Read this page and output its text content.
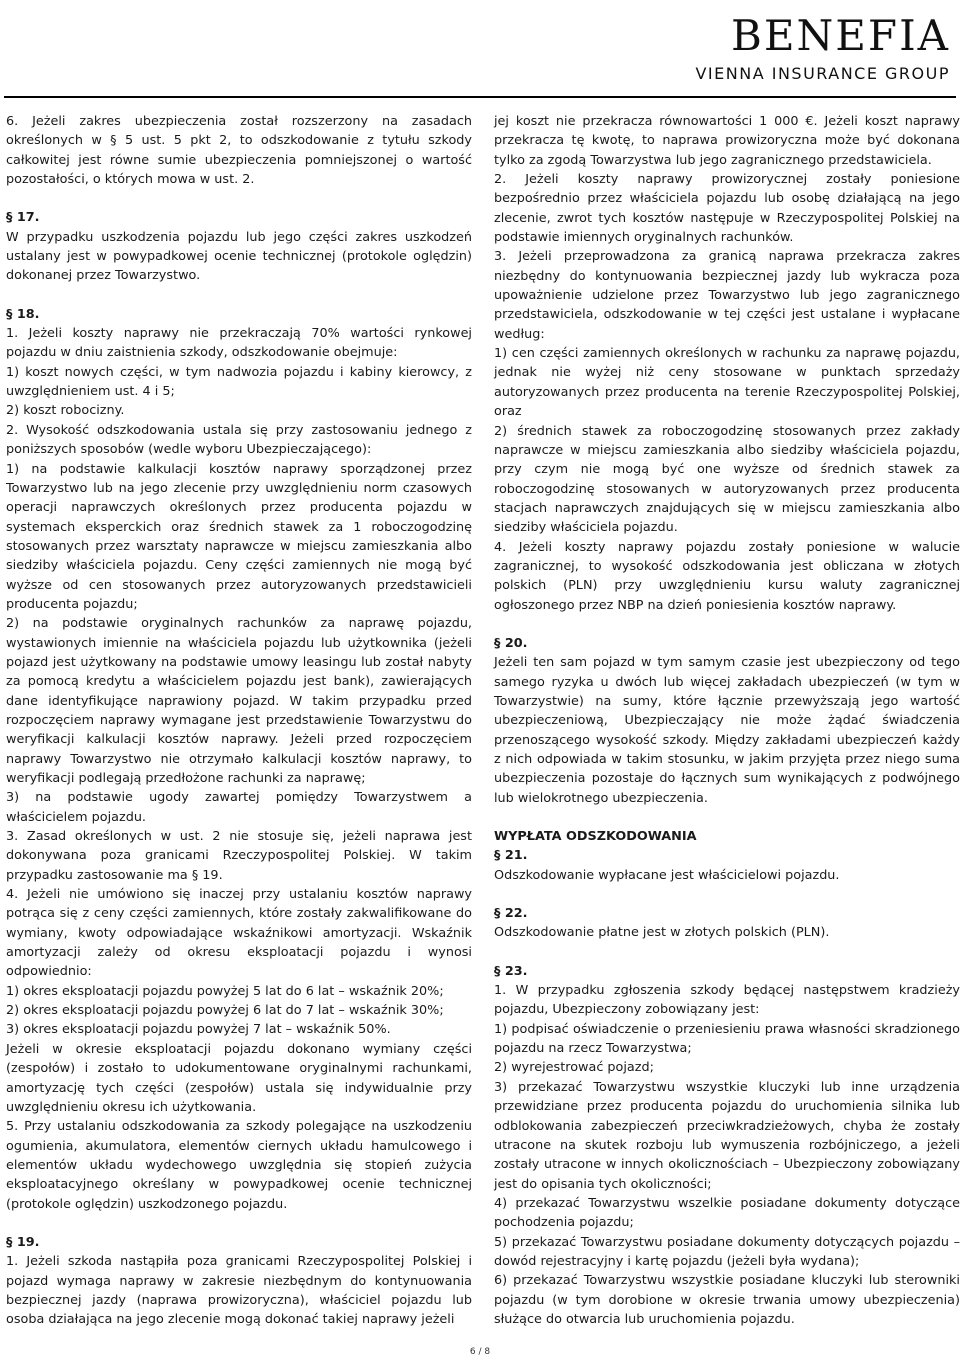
BENEFIA
VIENNA INSURANCE GROUP

6. Jeżeli zakres ubezpieczenia został rozszerzony na zasadach określonych w § 5 ust. 5 pkt 2, to odszkodowanie z tytułu szkody całkowitej jest równe sumie ubezpieczenia pomniejszonej o wartość pozostałości, o których mowa w ust. 2.

§ 17.

W przypadku uszkodzenia pojazdu lub jego części zakres uszkodzeń ustalany jest w powypadkowej ocenie technicznej (protokole oględzin) dokonanej przez Towarzystwo.

§ 18.

1. Jeżeli koszty naprawy nie przekraczają 70% wartości rynkowej pojazdu w dniu zaistnienia szkody, odszkodowanie obejmuje:

1) koszt nowych części, w tym nadwozia pojazdu i kabiny kierowcy, z uwzględnieniem ust. 4 i 5;

2) koszt robocizny.

2. Wysokość odszkodowania ustala się przy zastosowaniu jednego z poniższych sposobów (wedle wyboru Ubezpieczającego):

1) na podstawie kalkulacji kosztów naprawy sporządzonej przez Towarzystwo lub na jego zlecenie przy uwzględnieniu norm czasowych operacji naprawczych określonych przez producenta pojazdu w systemach eksperckich oraz średnich stawek za 1 roboczogodzinę stosowanych przez warsztaty naprawcze w miejscu zamieszkania albo siedziby właściciela pojazdu. Ceny części zamiennych nie mogą być wyższe od cen stosowanych przez autoryzowanych przedstawicieli producenta pojazdu;

2) na podstawie oryginalnych rachunków za naprawę pojazdu, wystawionych imiennie na właściciela pojazdu lub użytkownika (jeżeli pojazd jest użytkowany na podstawie umowy leasingu lub został nabyty za pomocą kredytu a właścicielem pojazdu jest bank), zawierających dane identyfikujące naprawiony pojazd. W takim przypadku przed rozpoczęciem naprawy wymagane jest przedstawienie Towarzystwu do weryfikacji kalkulacji kosztów naprawy. Jeżeli przed rozpoczęciem naprawy Towarzystwo nie otrzymało kalkulacji kosztów naprawy, to weryfikacji podlegają przedłożone rachunki za naprawę;

3) na podstawie ugody zawartej pomiędzy Towarzystwem a właścicielem pojazdu.

3. Zasad określonych w ust. 2 nie stosuje się, jeżeli naprawa jest dokonywana poza granicami Rzeczypospolitej Polskiej. W takim przypadku zastosowanie ma § 19.

4. Jeżeli nie umówiono się inaczej przy ustalaniu kosztów naprawy potrąca się z ceny części zamiennych, które zostały zakwalifikowane do wymiany, kwoty odpowiadające wskaźnikowi amortyzacji. Wskaźnik amortyzacji zależy od okresu eksploatacji pojazdu i wynosi odpowiednio:

1) okres eksploatacji pojazdu powyżej 5 lat do 6 lat – wskaźnik 20%;

2) okres eksploatacji pojazdu powyżej 6 lat do 7 lat – wskaźnik 30%;

3) okres eksploatacji pojazdu powyżej 7 lat – wskaźnik 50%.

Jeżeli w okresie eksploatacji pojazdu dokonano wymiany części (zespołów) i zostało to udokumentowane oryginalnymi rachunkami, amortyzację tych części (zespołów) ustala się indywidualnie przy uwzględnieniu okresu ich użytkowania.

5. Przy ustalaniu odszkodowania za szkody polegające na uszkodzeniu ogumienia, akumulatora, elementów ciernych układu hamulcowego i elementów układu wydechowego uwzględnia się stopień zużycia eksploatacyjnego określany w powypadkowej ocenie technicznej (protokole oględzin) uszkodzonego pojazdu.

§ 19.

1. Jeżeli szkoda nastąpiła poza granicami Rzeczypospolitej Polskiej i pojazd wymaga naprawy w zakresie niezbędnym do kontynuowania bezpiecznej jazdy (naprawa prowizoryczna), właściciel pojazdu lub osoba działająca na jego zlecenie mogą dokonać takiej naprawy jeżeli

jej koszt nie przekracza równowartości 1 000 €. Jeżeli koszt naprawy przekracza tę kwotę, to naprawa prowizoryczna może być dokonana tylko za zgodą Towarzystwa lub jego zagranicznego przedstawiciela.

2. Jeżeli koszty naprawy prowizorycznej zostały poniesione bezpośrednio przez właściciela pojazdu lub osobę działającą na jego zlecenie, zwrot tych kosztów następuje w Rzeczypospolitej Polskiej na podstawie imiennych oryginalnych rachunków.

3. Jeżeli przeprowadzona za granicą naprawa przekracza zakres niezbędny do kontynuowania bezpiecznej jazdy lub wykracza poza upoważnienie udzielone przez Towarzystwo lub jego zagranicznego przedstawiciela, odszkodowanie w tej części jest ustalane i wypłacane według:

1) cen części zamiennych określonych w rachunku za naprawę pojazdu, jednak nie wyżej niż ceny stosowane w punktach sprzedaży autoryzowanych przez producenta na terenie Rzeczypospolitej Polskiej, oraz

2) średnich stawek za roboczogodzinę stosowanych przez zakłady naprawcze w miejscu zamieszkania albo siedziby właściciela pojazdu, przy czym nie mogą być one wyższe od średnich stawek za roboczogodzinę stosowanych w autoryzowanych przez producenta stacjach naprawczych znajdujących się w miejscu zamieszkania albo siedziby właściciela pojazdu.

4. Jeżeli koszty naprawy pojazdu zostały poniesione w walucie zagranicznej, to wysokość odszkodowania jest obliczana w złotych polskich (PLN) przy uwzględnieniu kursu waluty zagranicznej ogłoszonego przez NBP na dzień poniesienia kosztów naprawy.

§ 20.

Jeżeli ten sam pojazd w tym samym czasie jest ubezpieczony od tego samego ryzyka u dwóch lub więcej zakładach ubezpieczeń (w tym w Towarzystwie) na sumy, które łącznie przewyższają jego wartość ubezpieczeniową, Ubezpieczający nie może żądać świadczenia przenoszącego wysokość szkody. Między zakładami ubezpieczeń każdy z nich odpowiada w takim stosunku, w jakim przyjęta przez niego suma ubezpieczenia pozostaje do łącznych sum wynikających z podwójnego lub wielokrotnego ubezpieczenia.

WYPŁATA ODSZKODOWANIA

§ 21.

Odszkodowanie wypłacane jest właścicielowi pojazdu.

§ 22.

Odszkodowanie płatne jest w złotych polskich (PLN).

§ 23.

1. W przypadku zgłoszenia szkody będącej następstwem kradzieży pojazdu, Ubezpieczony zobowiązany jest:

1) podpisać oświadczenie o przeniesieniu prawa własności skradzionego pojazdu na rzecz Towarzystwa;

2) wyrejestrować pojazd;

3) przekazać Towarzystwu wszystkie kluczyki lub inne urządzenia przewidziane przez producenta pojazdu do uruchomienia silnika lub odblokowania zabezpieczeń przeciwkradzieżowych, chyba że zostały utracone na skutek rozboju lub wymuszenia rozbójniczego, a jeżeli zostały utracone w innych okolicznościach – Ubezpieczony zobowiązany jest do opisania tych okoliczności;

4) przekazać Towarzystwu wszelkie posiadane dokumenty dotyczące pochodzenia pojazdu;

5) przekazać Towarzystwu posiadane dokumenty dotyczących pojazdu – dowód rejestracyjny i kartę pojazdu (jeżeli była wydana);

6) przekazać Towarzystwu wszystkie posiadane kluczyki lub sterowniki pojazdu (w tym dorobione w okresie trwania umowy ubezpieczenia) służące do otwarcia lub uruchomienia pojazdu.

6 / 8
